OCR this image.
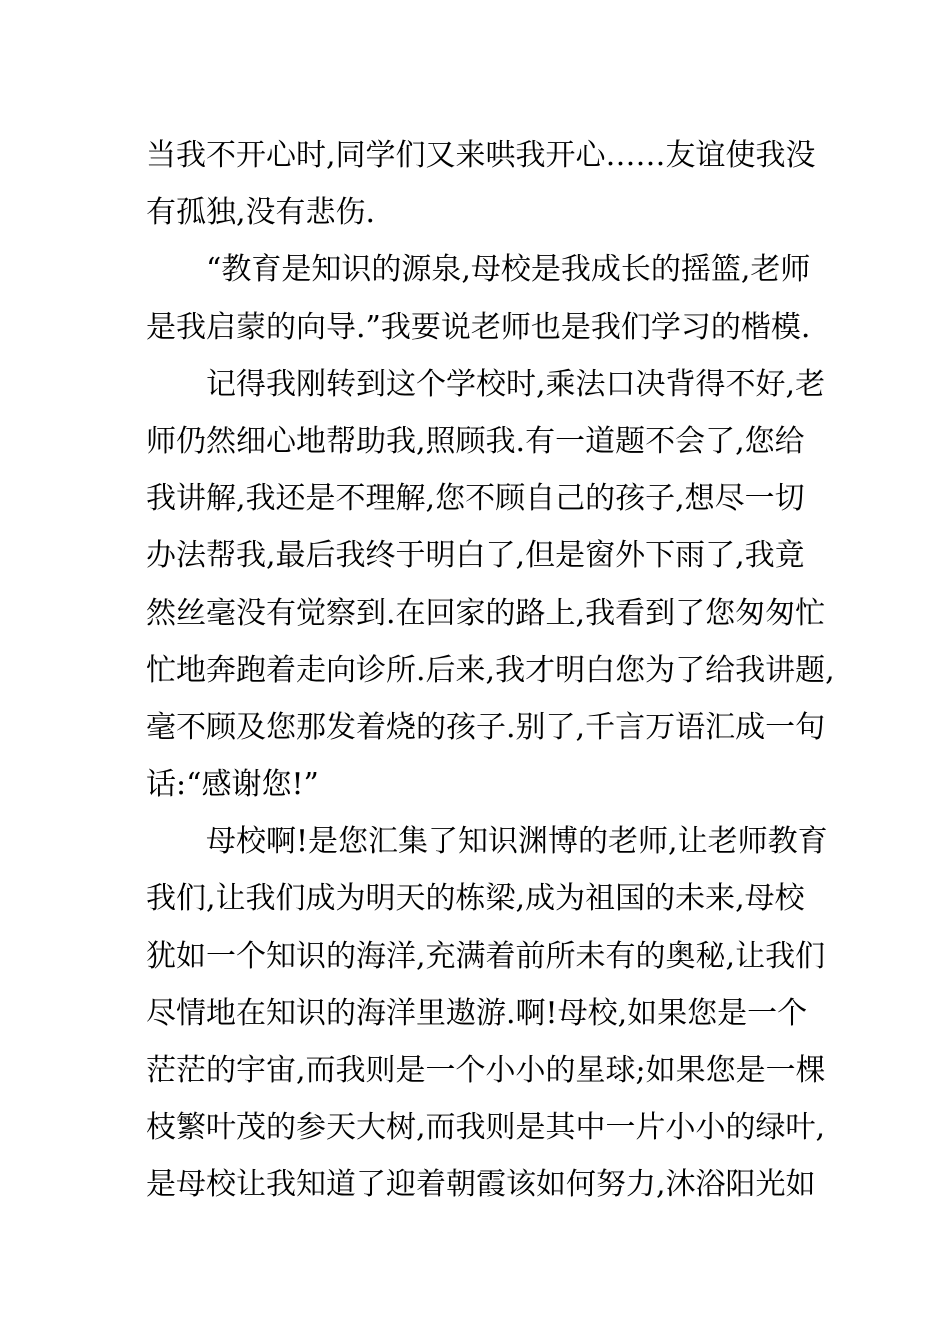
当我不开心时,同学们又来哄我开心……友谊使我没
有孤独,没有悲伤.
“教育是知识的源泉,母校是我成长的摇篮,老师
是我启蒙的向导.”我要说老师也是我们学习的楷模.
记得我刚转到这个学校时,乘法口决背得不好,老
师仍然细心地帮助我,照顾我.有一道题不会了,您给
我讲解,我还是不理解,您不顾自己的孩子,想尽一切
办法帮我,最后我终于明白了,但是窗外下雨了,我竟
然丝毫没有觉察到.在回家的路上,我看到了您匆匆忙
忙地奔跑着走向诊所.后来,我才明白您为了给我讲题,
毫不顾及您那发着烧的孩子.别了,千言万语汇成一句
话:“感谢您!”
母校啊!是您汇集了知识渊博的老师,让老师教育
我们,让我们成为明天的栋梁,成为祖国的未来,母校
犹如一个知识的海洋,充满着前所未有的奥秘,让我们
尽情地在知识的海洋里遨游.啊!母校,如果您是一个
茫茫的宇宙,而我则是一个小小的星球;如果您是一棵
枝繁叶茂的参天大树,而我则是其中一片小小的绿叶,
是母校让我知道了迎着朝霞该如何努力,沐浴阳光如
